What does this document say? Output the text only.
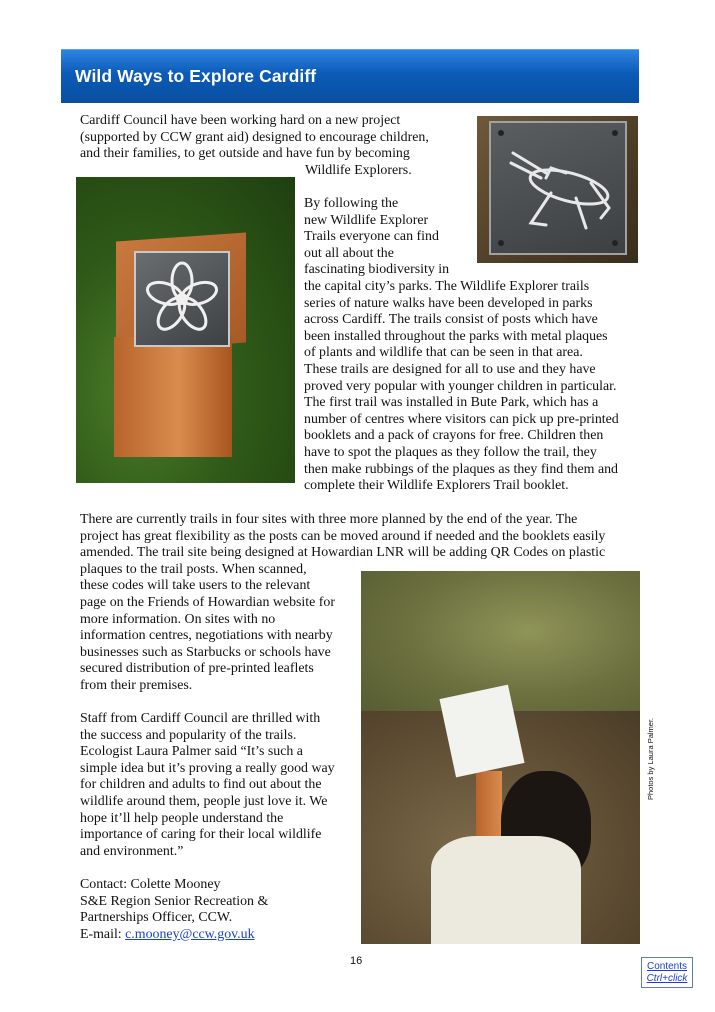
Wild Ways to Explore Cardiff

Cardiff Council have been working hard on a new project

(supported by CCW grant aid) designed to encourage children,

and their families, to get outside and have fun by becoming

Wildlife Explorers.

By following the

new Wildlife Explorer

Trails everyone can find

out all about the

fascinating biodiversity in

the capital city’s parks. The Wildlife Explorer trails

series of nature walks have been developed in parks

across Cardiff. The trails consist of posts which have

been installed throughout the parks with metal plaques

of plants and wildlife that can be seen in that area.

These trails are designed for all to use and they have

proved very popular with younger children in particular.

The first trail was installed in Bute Park, which has a

number of centres where visitors can pick up pre-printed

booklets and a pack of crayons for free. Children then

have to spot the plaques as they follow the trail, they

then make rubbings of the plaques as they find them and

complete their Wildlife Explorers Trail booklet.

There are currently trails in four sites with three more planned by the end of the year. The

project has great flexibility as the posts can be moved around if needed and the booklets easily

amended. The trail site being designed at Howardian LNR will be adding QR Codes on plastic

plaques to the trail posts. When scanned,

these codes will take users to the relevant

page on the Friends of Howardian website for

more information. On sites with no

information centres, negotiations with nearby

businesses such as Starbucks or schools have

secured distribution of pre-printed leaflets

from their premises.

Staff from Cardiff Council are thrilled with

the success and popularity of the trails.

Ecologist Laura Palmer said “It’s such a

simple idea but it’s proving a really good way

for children and adults to find out about the

wildlife around them, people just love it. We

hope it’ll help people understand the

importance of caring for their local wildlife

and environment.”

Contact: Colette Mooney

S&E Region Senior Recreation &

Partnerships Officer, CCW.

E-mail: c.mooney@ccw.gov.uk

Photos by Laura Palmer.
16	Contents
Ctrl+click
